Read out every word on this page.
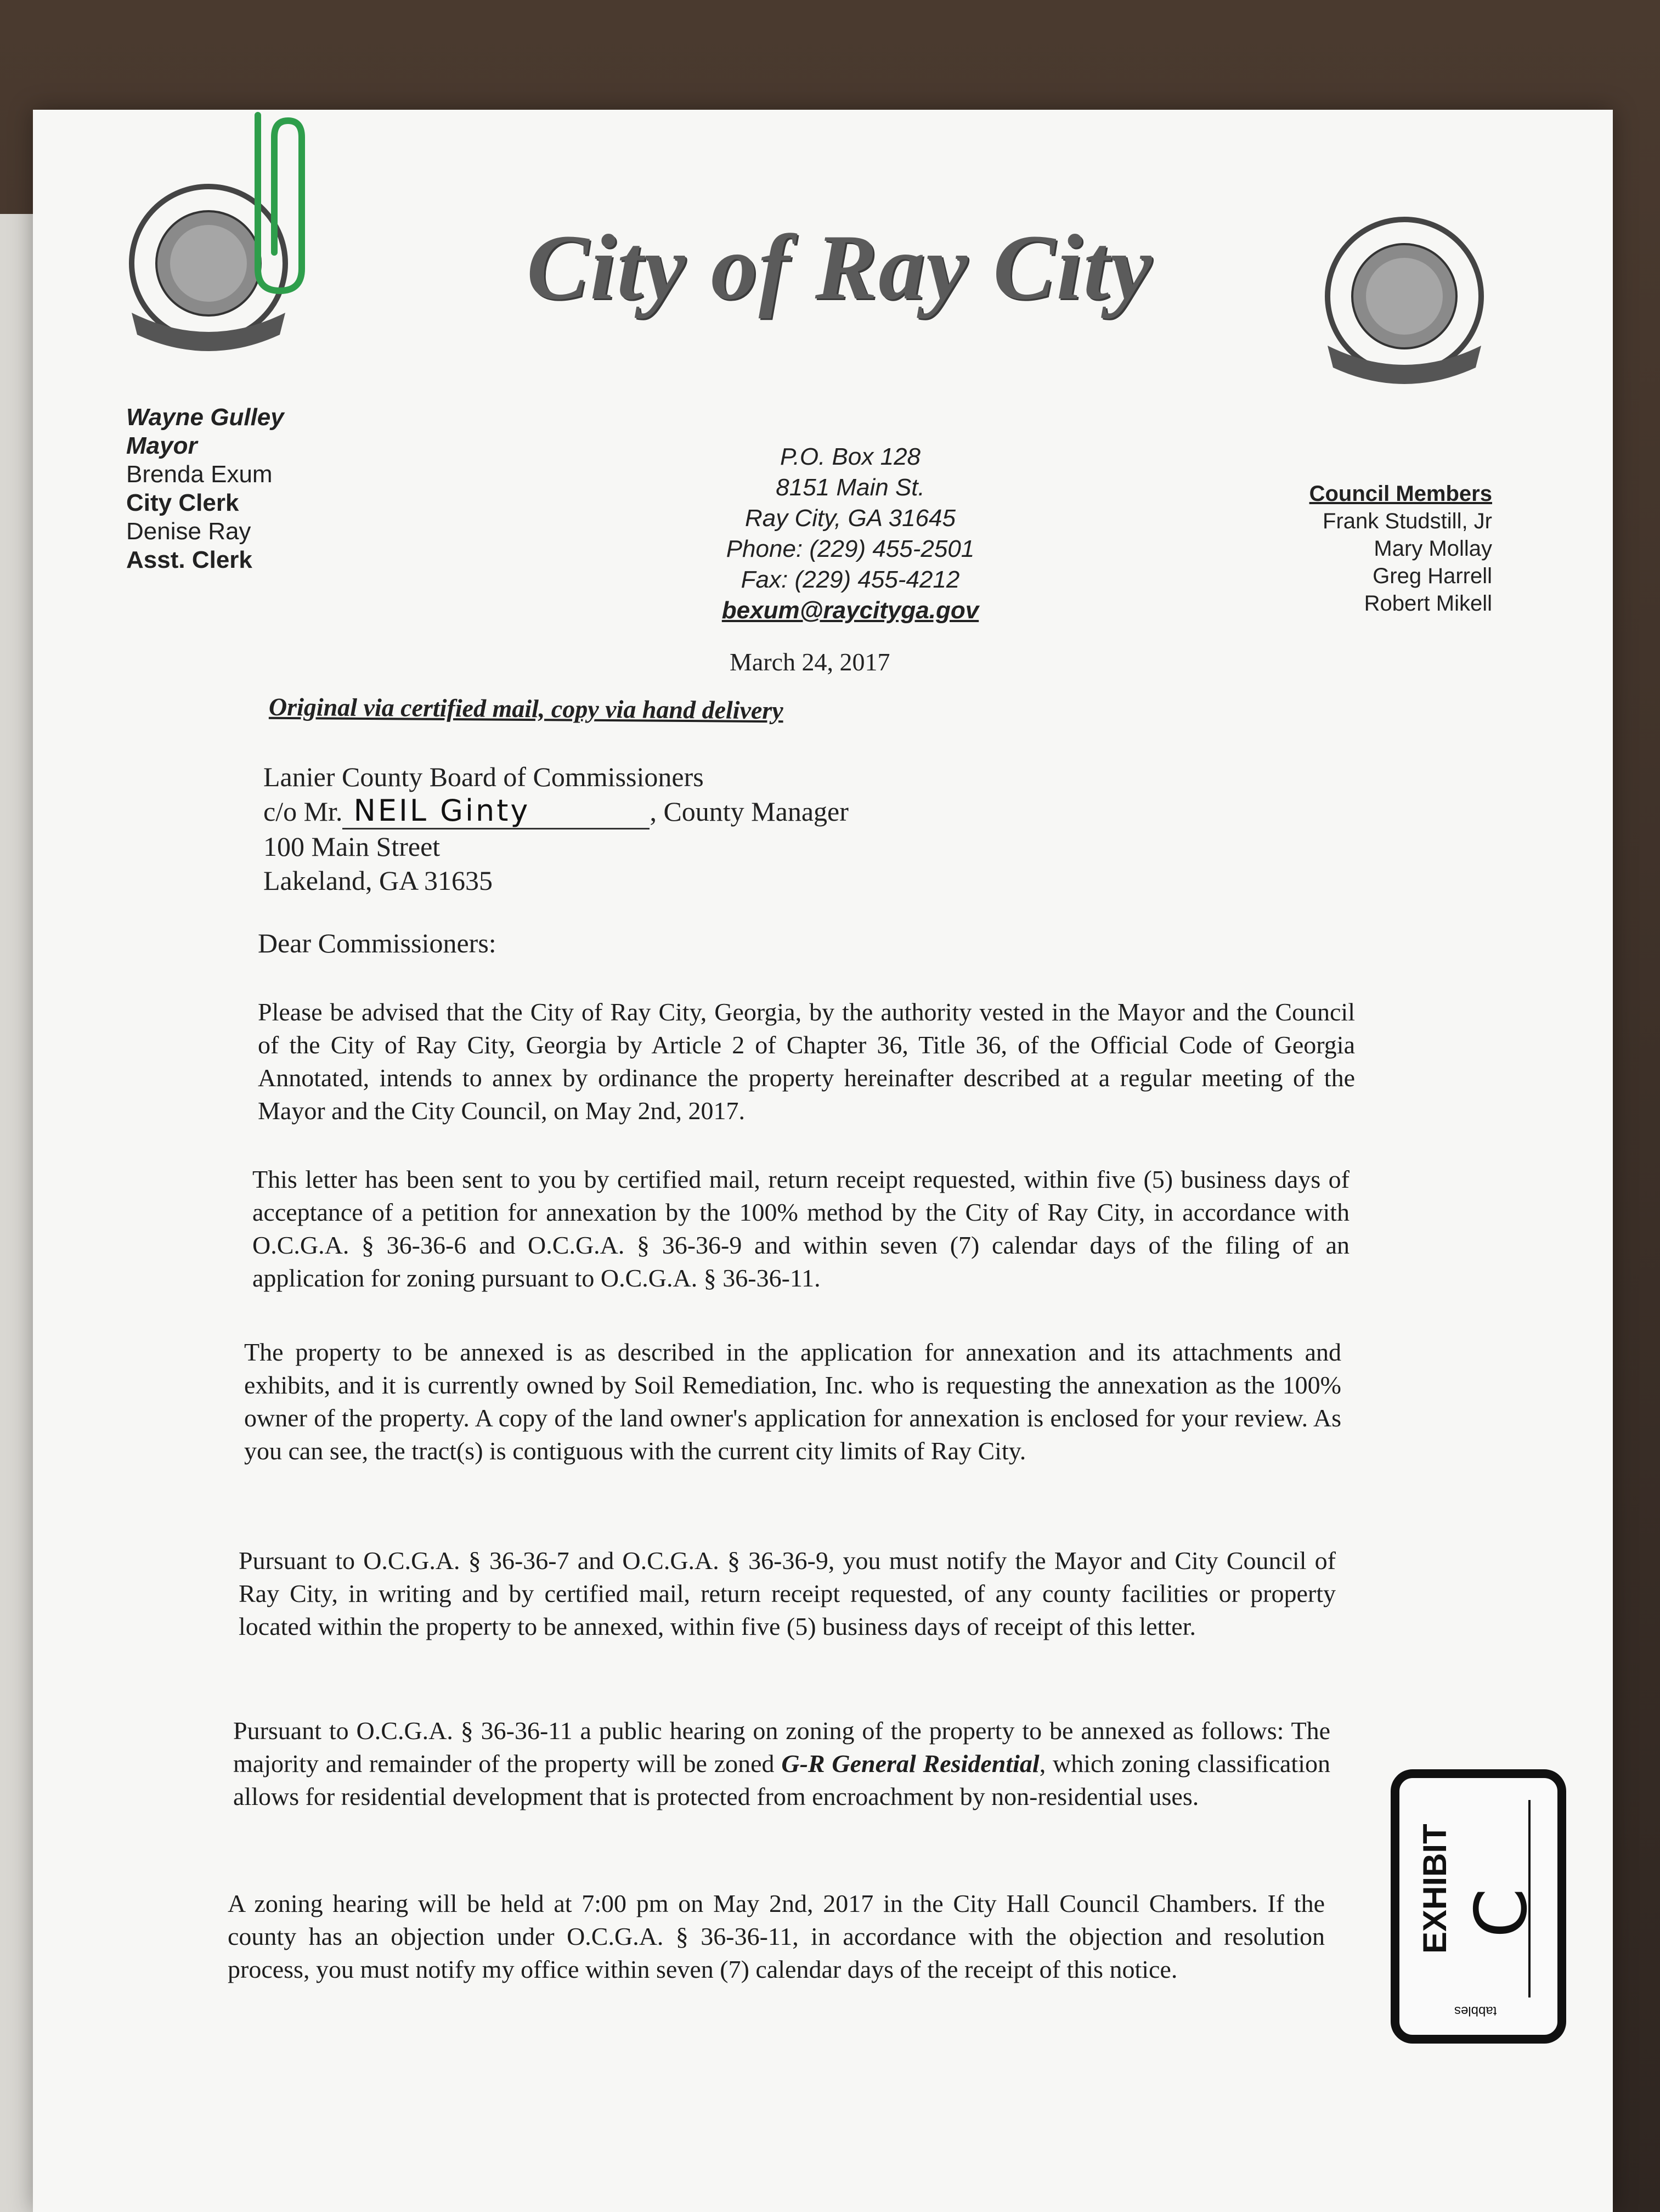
City of Ray City
Wayne Gulley
Mayor
Brenda Exum
City Clerk
Denise Ray
Asst. Clerk
P.O. Box 128
8151 Main St.
Ray City, GA 31645
Phone: (229) 455-2501
Fax: (229) 455-4212
bexum@raycityga.gov
Council Members
Frank Studstill, Jr
Mary Mollay
Greg Harrell
Robert Mikell
March 24, 2017
Original via certified mail, copy via hand delivery
Lanier County Board of Commissioners
c/o Mr. NEIL Ginty	, County Manager
100 Main Street
Lakeland, GA 31635
Dear Commissioners:
Please be advised that the City of Ray City, Georgia, by the authority vested in the Mayor and the Council of the City of Ray City, Georgia by Article 2 of Chapter 36, Title 36, of the Official Code of Georgia Annotated, intends to annex by ordinance the property hereinafter described at a regular meeting of the Mayor and the City Council, on May 2nd, 2017.
This letter has been sent to you by certified mail, return receipt requested, within five (5) business days of acceptance of a petition for annexation by the 100% method by the City of Ray City, in accordance with O.C.G.A. § 36-36-6 and O.C.G.A. § 36-36-9 and within seven (7) calendar days of the filing of an application for zoning pursuant to O.C.G.A. § 36-36-11.
The property to be annexed is as described in the application for annexation and its attachments and exhibits, and it is currently owned by Soil Remediation, Inc. who is requesting the annexation as the 100% owner of the property. A copy of the land owner's application for annexation is enclosed for your review. As you can see, the tract(s) is contiguous with the current city limits of Ray City.
Pursuant to O.C.G.A. § 36-36-7 and O.C.G.A. § 36-36-9, you must notify the Mayor and City Council of Ray City, in writing and by certified mail, return receipt requested, of any county facilities or property located within the property to be annexed, within five (5) business days of receipt of this letter.
Pursuant to O.C.G.A. § 36-36-11 a public hearing on zoning of the property to be annexed as follows: The majority and remainder of the property will be zoned G-R General Residential, which zoning classification allows for residential development that is protected from encroachment by non-residential uses.
A zoning hearing will be held at 7:00 pm on May 2nd, 2017 in the City Hall Council Chambers. If the county has an objection under O.C.G.A. § 36-36-11, in accordance with the objection and resolution process, you must notify my office within seven (7) calendar days of the receipt of this notice.
EXHIBIT C
tabbles
